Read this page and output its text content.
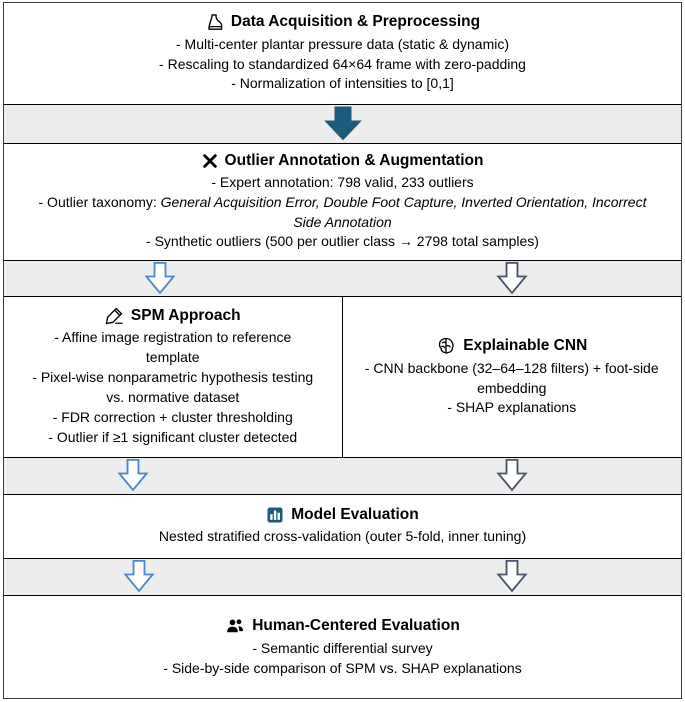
Data Acquisition & Preprocessing
- Multi-center plantar pressure data (static & dynamic)
- Rescaling to standardized 64×64 frame with zero-padding
- Normalization of intensities to [0,1]
Outlier Annotation & Augmentation
- Expert annotation: 798 valid, 233 outliers
- Outlier taxonomy: General Acquisition Error, Double Foot Capture, Inverted Orientation, Incorrect Side Annotation
- Synthetic outliers (500 per outlier class → 2798 total samples)
SPM Approach
- Affine image registration to reference template
- Pixel-wise nonparametric hypothesis testing vs. normative dataset
- FDR correction + cluster thresholding
- Outlier if ≥1 significant cluster detected
Explainable CNN
- CNN backbone (32–64–128 filters) + foot-side embedding
- SHAP explanations
Model Evaluation
Nested stratified cross-validation (outer 5-fold, inner tuning)
Human-Centered Evaluation
- Semantic differential survey
- Side-by-side comparison of SPM vs. SHAP explanations
